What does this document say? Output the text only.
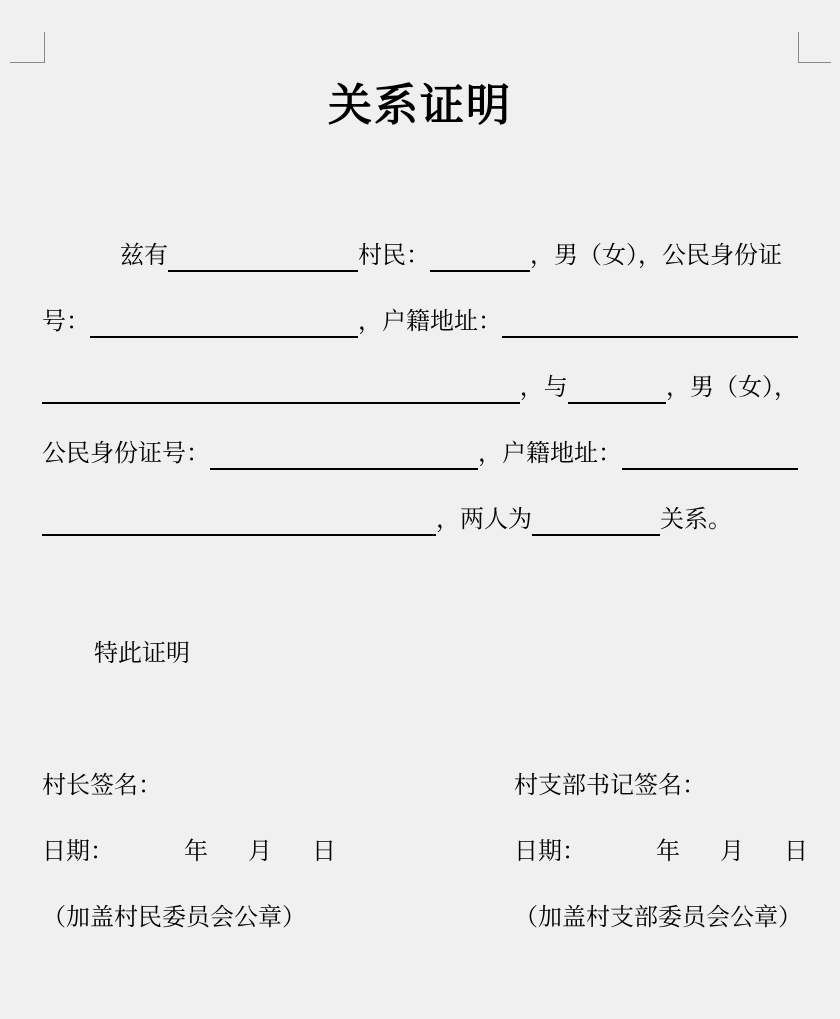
关系证明
兹有	村民：	，男（女），公民身份证
号：	，户籍地址：
，与	，男（女），
公民身份证号：	，户籍地址：
，两人为	关系。
特此证明
村长签名：
日期：	年 月 日
（加盖村民委员会公章）
村支部书记签名：
日期：	年 月 日
（加盖村支部委员会公章）
